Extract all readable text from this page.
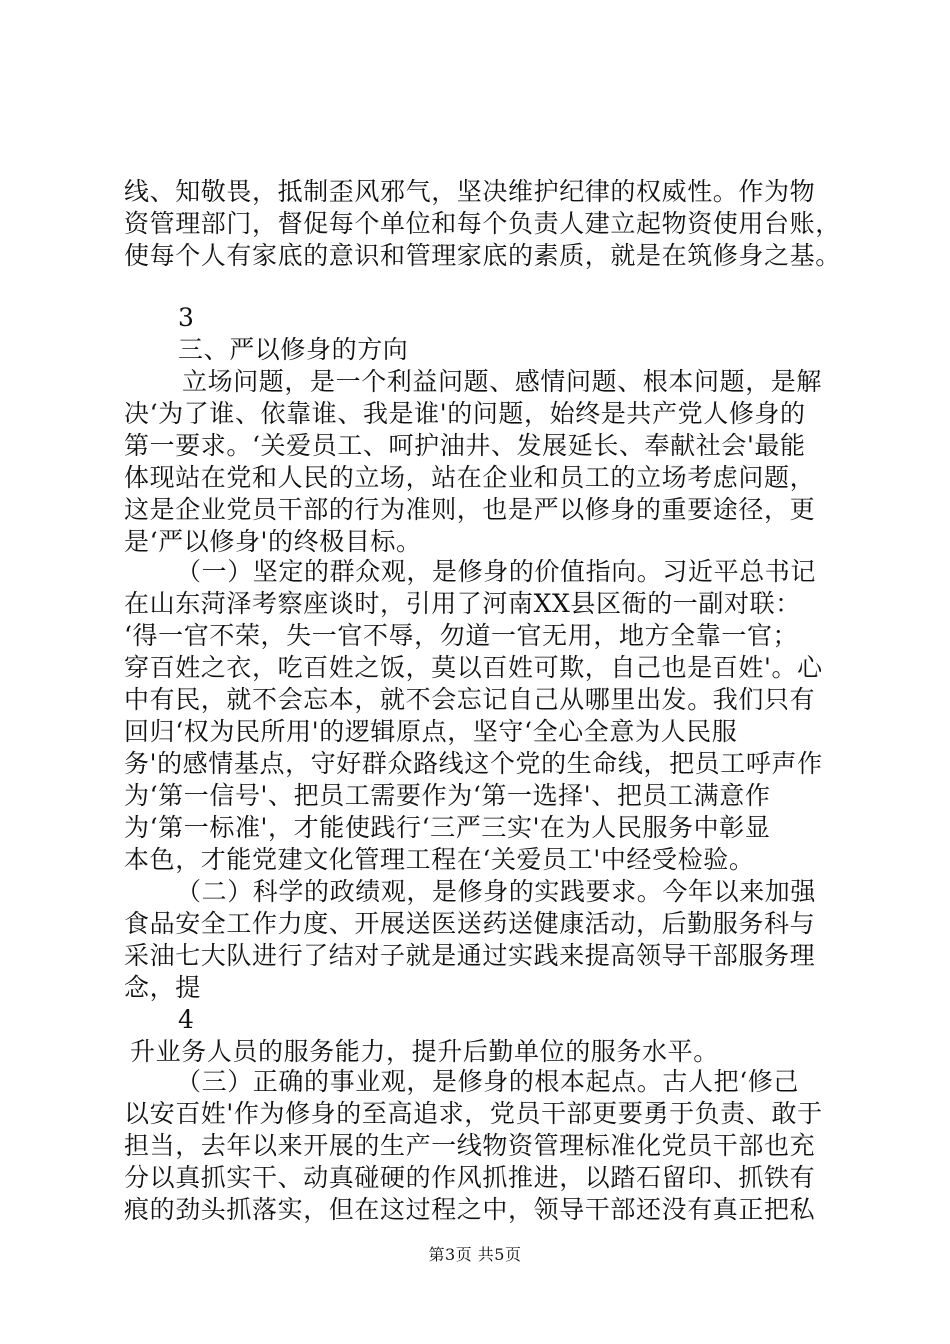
线、知敬畏，抵制歪风邪气，坚决维护纪律的权威性。作为物
资管理部门，督促每个单位和每个负责人建立起物资使用台账，
使每个人有家底的意识和管理家底的素质，就是在筑修身之基。
3
三、严以修身的方向
立场问题，是一个利益问题、感情问题、根本问题，是解
决‘为了谁、依靠谁、我是谁'的问题，始终是共产党人修身的
第一要求。‘关爱员工、呵护油井、发展延长、奉献社会'最能
体现站在党和人民的立场，站在企业和员工的立场考虑问题，
这是企业党员干部的行为准则，也是严以修身的重要途径，更
是‘严以修身'的终极目标。
（一）坚定的群众观，是修身的价值指向。习近平总书记
在山东菏泽考察座谈时，引用了河南XX县区衙的一副对联：
‘得一官不荣，失一官不辱，勿道一官无用，地方全靠一官；
穿百姓之衣，吃百姓之饭，莫以百姓可欺，自己也是百姓'。心
中有民，就不会忘本，就不会忘记自己从哪里出发。我们只有
回归‘权为民所用'的逻辑原点，坚守‘全心全意为人民服
务'的感情基点，守好群众路线这个党的生命线，把员工呼声作
为‘第一信号'、把员工需要作为‘第一选择'、把员工满意作
为‘第一标准'，才能使践行‘三严三实'在为人民服务中彰显
本色，才能党建文化管理工程在‘关爱员工'中经受检验。
（二）科学的政绩观，是修身的实践要求。今年以来加强
食品安全工作力度、开展送医送药送健康活动，后勤服务科与
采油七大队进行了结对子就是通过实践来提高领导干部服务理
念，提
4
升业务人员的服务能力，提升后勤单位的服务水平。
（三）正确的事业观，是修身的根本起点。古人把‘修己
以安百姓'作为修身的至高追求，党员干部更要勇于负责、敢于
担当，去年以来开展的生产一线物资管理标准化党员干部也充
分以真抓实干、动真碰硬的作风抓推进，以踏石留印、抓铁有
痕的劲头抓落实，但在这过程之中，领导干部还没有真正把私
第3页 共5页
